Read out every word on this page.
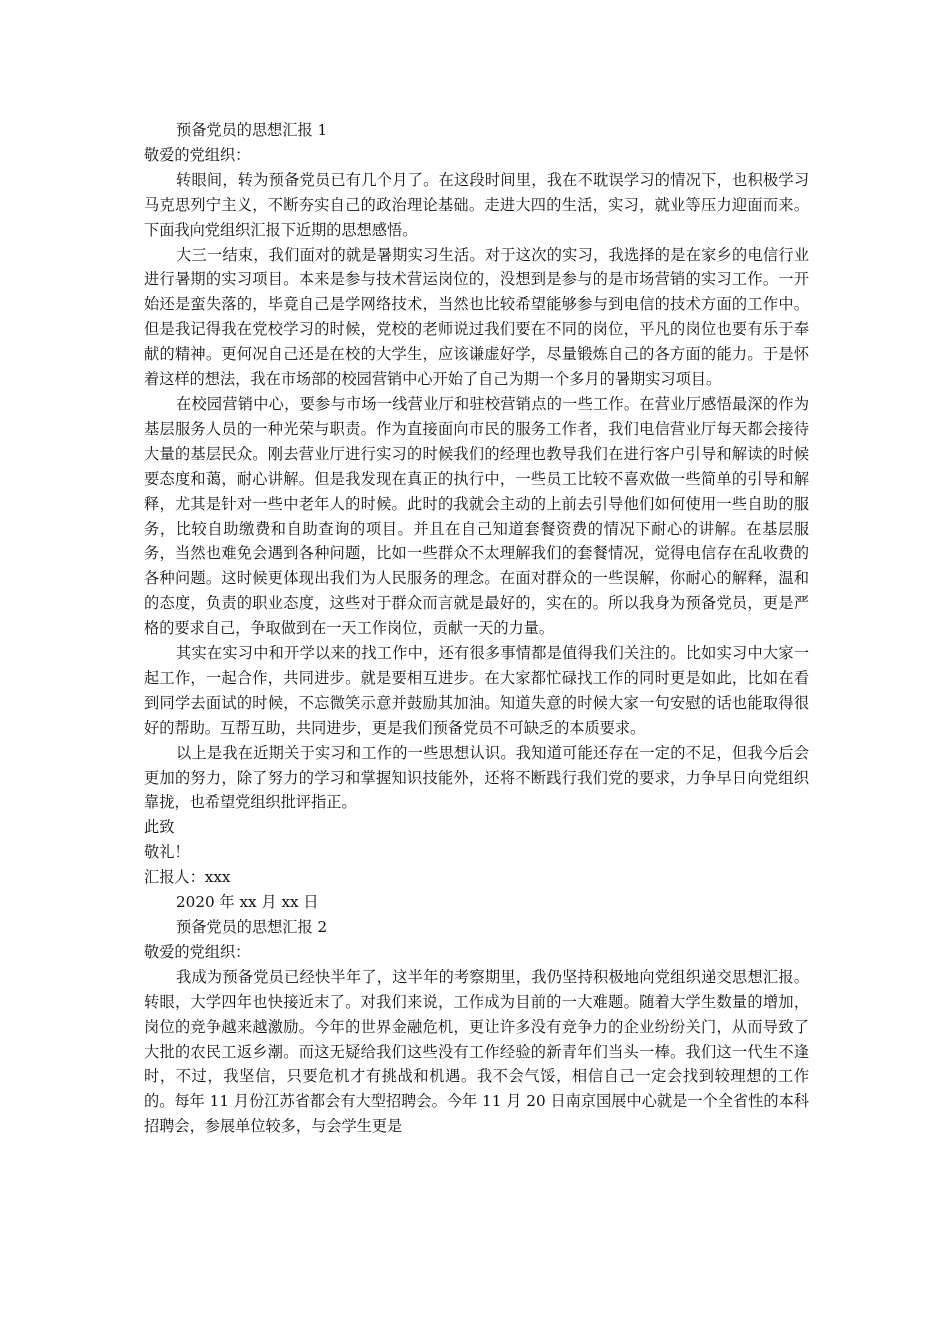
预备党员的思想汇报 1

敬爱的党组织：

转眼间，转为预备党员已有几个月了。在这段时间里，我在不耽误学习的情况下，也积极学习马克思列宁主义，不断夯实自己的政治理论基础。走进大四的生活，实习，就业等压力迎面而来。下面我向党组织汇报下近期的思想感悟。

大三一结束，我们面对的就是暑期实习生活。对于这次的实习，我选择的是在家乡的电信行业进行暑期的实习项目。本来是参与技术营运岗位的，没想到是参与的是市场营销的实习工作。一开始还是蛮失落的，毕竟自己是学网络技术，当然也比较希望能够参与到电信的技术方面的工作中。但是我记得我在党校学习的时候，党校的老师说过我们要在不同的岗位，平凡的岗位也要有乐于奉献的精神。更何况自己还是在校的大学生，应该谦虚好学，尽量锻炼自己的各方面的能力。于是怀着这样的想法，我在市场部的校园营销中心开始了自己为期一个多月的暑期实习项目。

在校园营销中心，要参与市场一线营业厅和驻校营销点的一些工作。在营业厅感悟最深的作为基层服务人员的一种光荣与职责。作为直接面向市民的服务工作者，我们电信营业厅每天都会接待大量的基层民众。刚去营业厅进行实习的时候我们的经理也教导我们在进行客户引导和解读的时候要态度和蔼，耐心讲解。但是我发现在真正的执行中，一些员工比较不喜欢做一些简单的引导和解释，尤其是针对一些中老年人的时候。此时的我就会主动的上前去引导他们如何使用一些自助的服务，比较自助缴费和自助查询的项目。并且在自己知道套餐资费的情况下耐心的讲解。在基层服务，当然也难免会遇到各种问题，比如一些群众不太理解我们的套餐情况，觉得电信存在乱收费的各种问题。这时候更体现出我们为人民服务的理念。在面对群众的一些误解，你耐心的解释，温和的态度，负责的职业态度，这些对于群众而言就是最好的，实在的。所以我身为预备党员，更是严格的要求自己，争取做到在一天工作岗位，贡献一天的力量。

其实在实习中和开学以来的找工作中，还有很多事情都是值得我们关注的。比如实习中大家一起工作，一起合作，共同进步。就是要相互进步。在大家都忙碌找工作的同时更是如此，比如在看到同学去面试的时候，不忘微笑示意并鼓励其加油。知道失意的时候大家一句安慰的话也能取得很好的帮助。互帮互助，共同进步，更是我们预备党员不可缺乏的本质要求。

以上是我在近期关于实习和工作的一些思想认识。我知道可能还存在一定的不足，但我今后会更加的努力，除了努力的学习和掌握知识技能外，还将不断践行我们党的要求，力争早日向党组织靠拢，也希望党组织批评指正。

此致

敬礼！

汇报人：xxx

2020 年 xx 月 xx 日

预备党员的思想汇报 2

敬爱的党组织：

我成为预备党员已经快半年了，这半年的考察期里，我仍坚持积极地向党组织递交思想汇报。转眼，大学四年也快接近末了。对我们来说，工作成为目前的一大难题。随着大学生数量的增加，岗位的竞争越来越激励。今年的世界金融危机，更让许多没有竞争力的企业纷纷关门，从而导致了大批的农民工返乡潮。而这无疑给我们这些没有工作经验的新青年们当头一棒。我们这一代生不逢时，不过，我坚信，只要危机才有挑战和机遇。我不会气馁，相信自己一定会找到较理想的工作的。每年 11 月份江苏省都会有大型招聘会。今年 11 月 20 日南京国展中心就是一个全省性的本科招聘会，参展单位较多，与会学生更是
